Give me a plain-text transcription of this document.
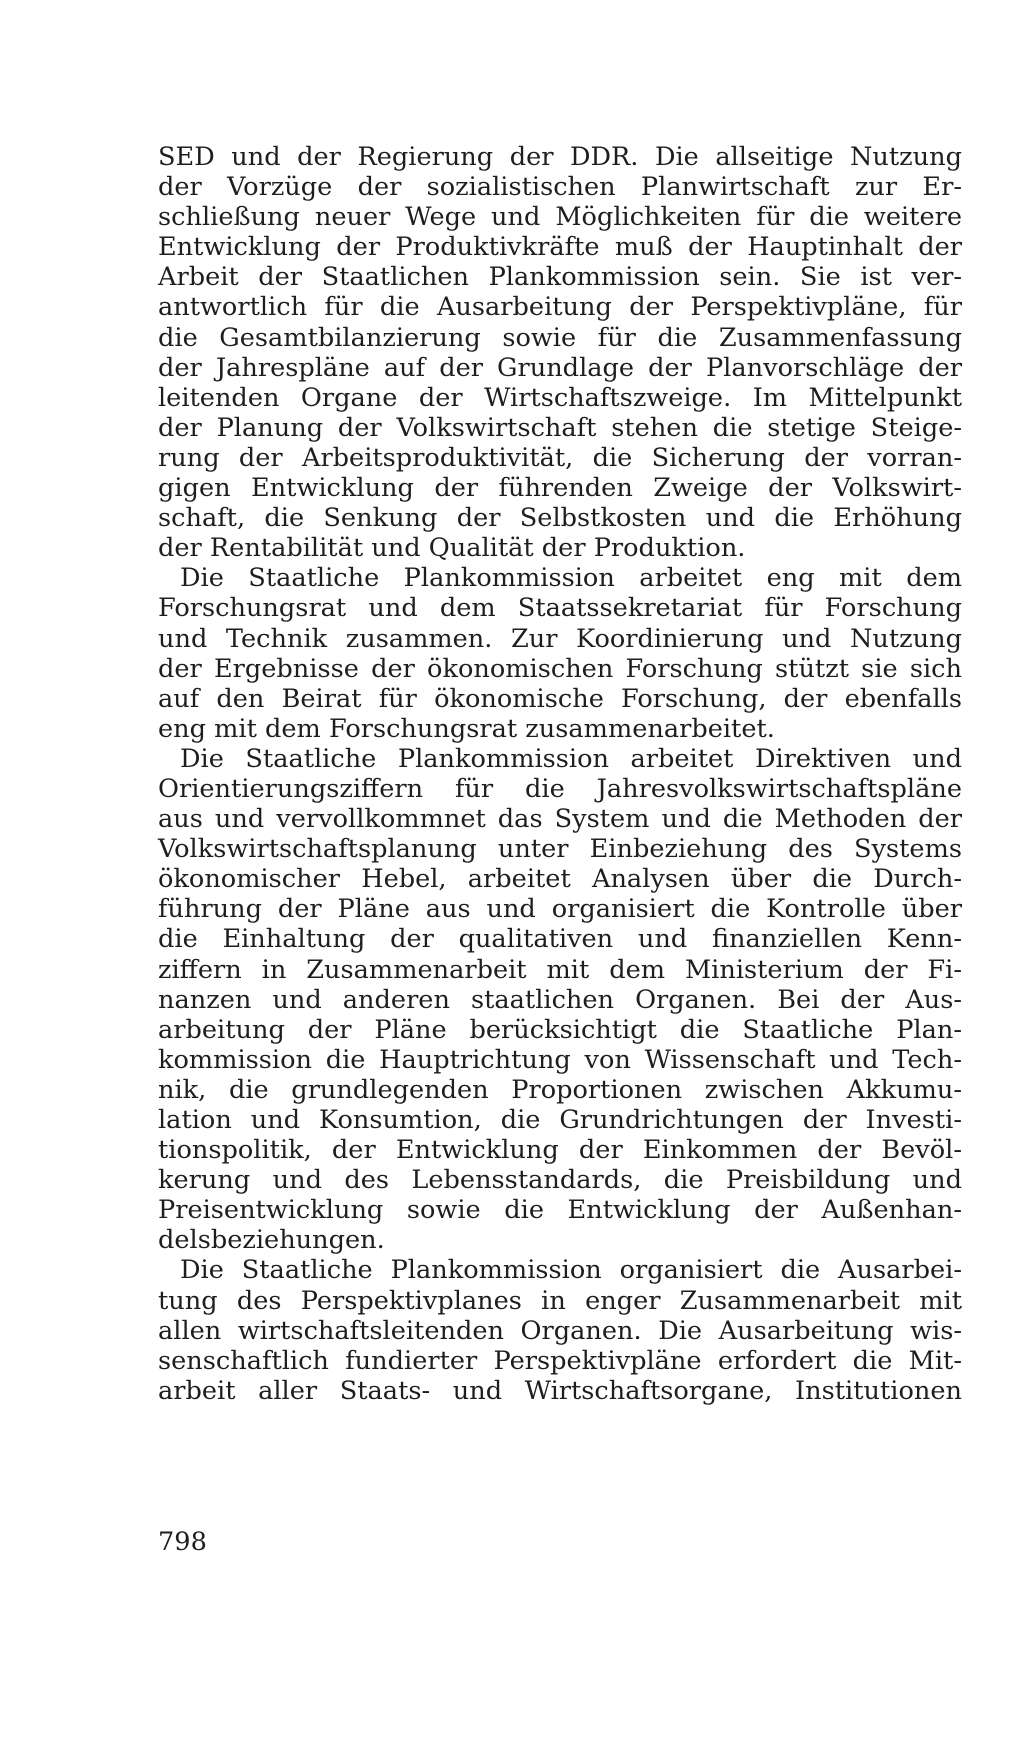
SED und der Regierung der DDR. Die allseitige Nutzung
der Vorzüge der sozialistischen Planwirtschaft zur Er-
schließung neuer Wege und Möglichkeiten für die weitere
Entwicklung der Produktivkräfte muß der Hauptinhalt der
Arbeit der Staatlichen Plankommission sein. Sie ist ver-
antwortlich für die Ausarbeitung der Perspektivpläne, für
die Gesamtbilanzierung sowie für die Zusammenfassung
der Jahrespläne auf der Grundlage der Planvorschläge der
leitenden Organe der Wirtschaftszweige. Im Mittelpunkt
der Planung der Volkswirtschaft stehen die stetige Steige-
rung der Arbeitsproduktivität, die Sicherung der vorran-
gigen Entwicklung der führenden Zweige der Volkswirt-
schaft, die Senkung der Selbstkosten und die Erhöhung
der Rentabilität und Qualität der Produktion.
Die Staatliche Plankommission arbeitet eng mit dem
Forschungsrat und dem Staatssekretariat für Forschung
und Technik zusammen. Zur Koordinierung und Nutzung
der Ergebnisse der ökonomischen Forschung stützt sie sich
auf den Beirat für ökonomische Forschung, der ebenfalls
eng mit dem Forschungsrat zusammenarbeitet.
Die Staatliche Plankommission arbeitet Direktiven und
Orientierungsziffern für die Jahresvolkswirtschaftspläne
aus und vervollkommnet das System und die Methoden der
Volkswirtschaftsplanung unter Einbeziehung des Systems
ökonomischer Hebel, arbeitet Analysen über die Durch-
führung der Pläne aus und organisiert die Kontrolle über
die Einhaltung der qualitativen und finanziellen Kenn-
ziffern in Zusammenarbeit mit dem Ministerium der Fi-
nanzen und anderen staatlichen Organen. Bei der Aus-
arbeitung der Pläne berücksichtigt die Staatliche Plan-
kommission die Hauptrichtung von Wissenschaft und Tech-
nik, die grundlegenden Proportionen zwischen Akkumu-
lation und Konsumtion, die Grundrichtungen der Investi-
tionspolitik, der Entwicklung der Einkommen der Bevöl-
kerung und des Lebensstandards, die Preisbildung und
Preisentwicklung sowie die Entwicklung der Außenhan-
delsbeziehungen.
Die Staatliche Plankommission organisiert die Ausarbei-
tung des Perspektivplanes in enger Zusammenarbeit mit
allen wirtschaftsleitenden Organen. Die Ausarbeitung wis-
senschaftlich fundierter Perspektivpläne erfordert die Mit-
arbeit aller Staats- und Wirtschaftsorgane, Institutionen
798
